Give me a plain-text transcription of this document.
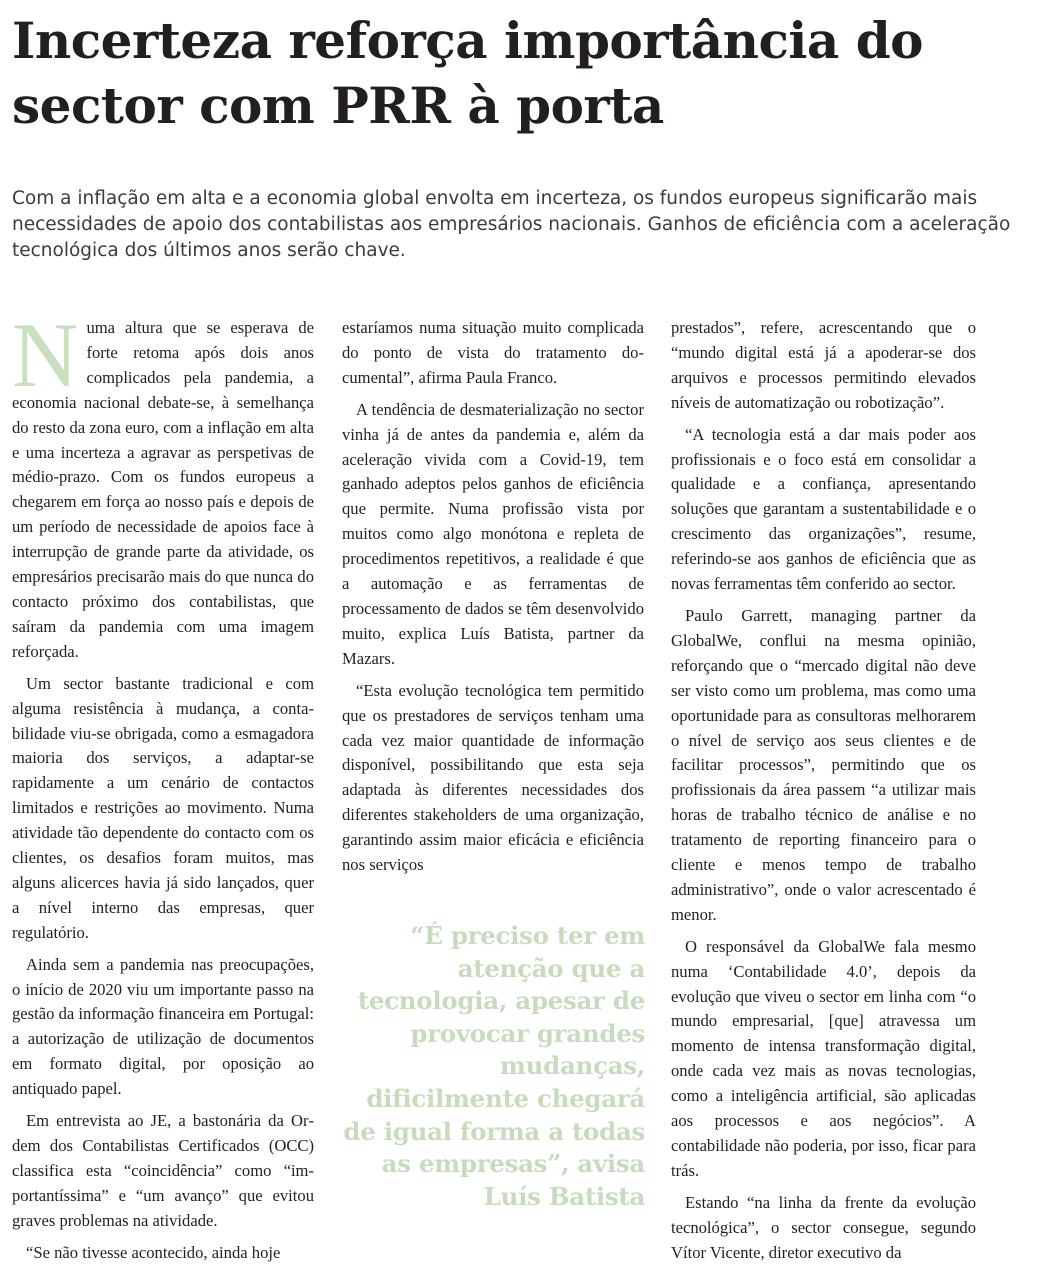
Incerteza reforça importância do sector com PRR à porta

Com a inflação em alta e a economia global envolta em incerteza, os fundos europeus significarão mais necessidades de apoio dos contabilistas aos empresários nacionais. Ganhos de eficiência com a aceleração tecnológica dos últimos anos serão chave.

Numa altura que se esperava de forte retoma após dois anos complicados pela pandemia, a economia nacional debate-se, à semelhança do resto da zona euro, com a inflação em alta e uma incerteza a agravar as perspetivas de médio-prazo. Com os fundos europeus a chegarem em força ao nosso país e depois de um período de necessidade de apoios face à interrupção de grande parte da atividade, os empresários precisarão mais do que nunca do contacto próximo dos contabilistas, que saíram da pandemia com uma imagem reforçada.

Um sector bastante tradicional e com alguma resistência à mudança, a contabilidade viu-se obrigada, como a esmagadora maioria dos serviços, a adaptar-se rapidamente a um cenário de contactos limitados e restrições ao movimento. Numa atividade tão dependente do contacto com os clientes, os desafios foram muitos, mas alguns alicerces havia já sido lançados, quer a nível interno das empresas, quer regulatório.

Ainda sem a pandemia nas preocupações, o início de 2020 viu um importante passo na gestão da informação financeira em Portugal: a autorização de utilização de documentos em formato digital, por oposição ao antiquado papel.

Em entrevista ao JE, a bastonária da Ordem dos Contabilistas Certificados (OCC) classifica esta “coincidência” como “importantíssima” e “um avanço” que evitou graves problemas na atividade.

“Se não tivesse acontecido, ainda hoje

estaríamos numa situação muito complicada do ponto de vista do tratamento documental”, afirma Paula Franco.

A tendência de desmaterialização no sector vinha já de antes da pandemia e, além da aceleração vivida com a Covid-19, tem ganhado adeptos pelos ganhos de eficiência que permite. Numa profissão vista por muitos como algo monótona e repleta de procedimentos repetitivos, a realidade é que a automação e as ferramentas de processamento de dados se têm desenvolvido muito, explica Luís Batista, partner da Mazars.

“Esta evolução tecnológica tem permitido que os prestadores de serviços tenham uma cada vez maior quantidade de informação disponível, possibilitando que esta seja adaptada às diferentes necessidades dos diferentes stakeholders de uma organização, garantindo assim maior eficácia e eficiência nos serviços

“É preciso ter em atenção que a tecnologia, apesar de provocar grandes mudanças, dificilmente chegará de igual forma a todas as empresas”, avisa Luís Batista

prestados”, refere, acrescentando que o “mundo digital está já a apoderar-se dos arquivos e processos permitindo elevados níveis de automatização ou robotização”.

“A tecnologia está a dar mais poder aos profissionais e o foco está em consolidar a qualidade e a confiança, apresentando soluções que garantam a sustentabilidade e o crescimento das organizações”, resume, referindo-se aos ganhos de eficiência que as novas ferramentas têm conferido ao sector.

Paulo Garrett, managing partner da GlobalWe, conflui na mesma opinião, reforçando que o “mercado digital não deve ser visto como um problema, mas como uma oportunidade para as consultoras melhorarem o nível de serviço aos seus clientes e de facilitar processos”, permitindo que os profissionais da área passem “a utilizar mais horas de trabalho técnico de análise e no tratamento de reporting financeiro para o cliente e menos tempo de trabalho administrativo”, onde o valor acrescentado é menor.

O responsável da GlobalWe fala mesmo numa ‘Contabilidade 4.0’, depois da evolução que viveu o sector em linha com “o mundo empresarial, [que] atravessa um momento de intensa transformação digital, onde cada vez mais as novas tecnologias, como a inteligência artificial, são aplicadas aos processos e aos negócios”. A contabilidade não poderia, por isso, ficar para trás.

Estando “na linha da frente da evolução tecnológica”, o sector consegue, segundo Vítor Vicente, diretor executivo da
